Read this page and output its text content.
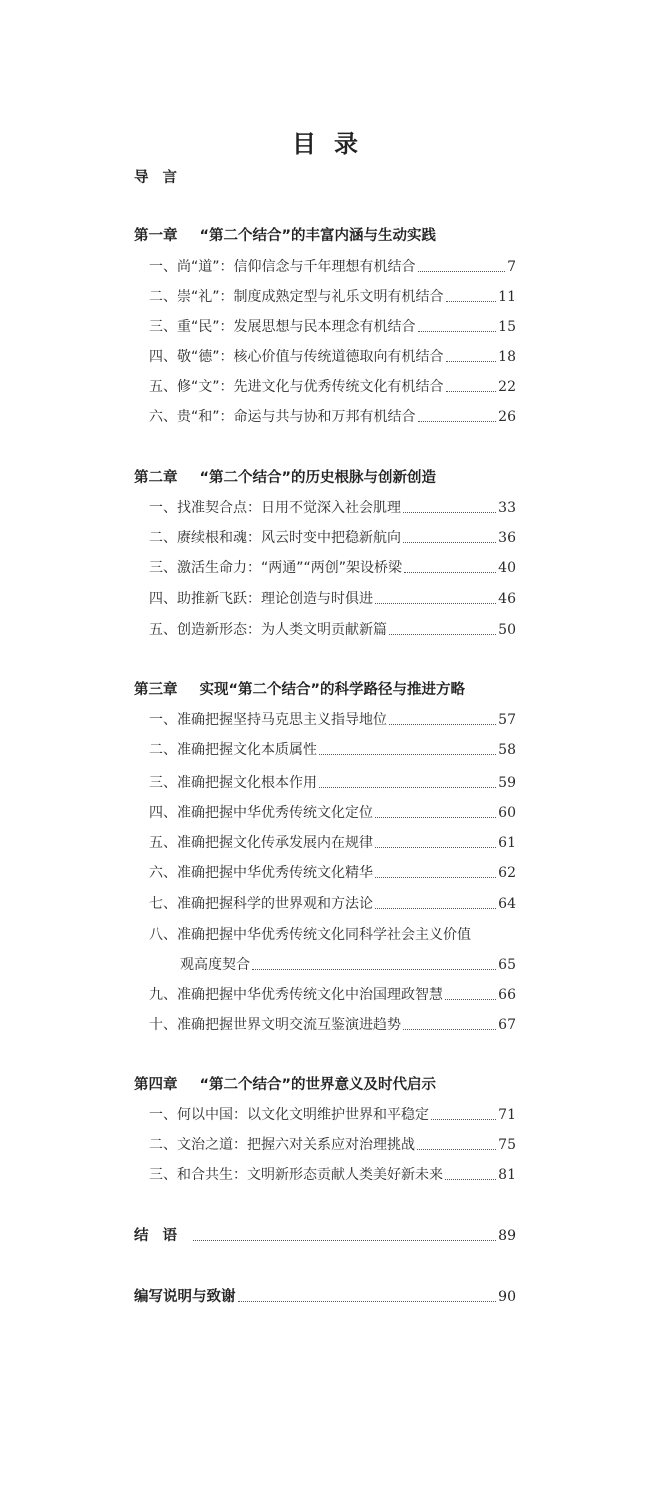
目录
导言
第一章 “第二个结合”的丰富内涵与生动实践
一、尚“道”：信仰信念与千年理想有机结合	7
二、崇“礼”：制度成熟定型与礼乐文明有机结合	11
三、重“民”：发展思想与民本理念有机结合	15
四、敬“德”：核心价值与传统道德取向有机结合	18
五、修“文”：先进文化与优秀传统文化有机结合	22
六、贵“和”：命运与共与协和万邦有机结合	26
第二章 “第二个结合”的历史根脉与创新创造
一、找准契合点：日用不觉深入社会肌理	33
二、赓续根和魂：风云时变中把稳新航向	36
三、激活生命力：“两通”“两创”架设桥梁	40
四、助推新飞跃：理论创造与时俱进	46
五、创造新形态：为人类文明贡献新篇	50
第三章 实现“第二个结合”的科学路径与推进方略
一、准确把握坚持马克思主义指导地位	57
二、准确把握文化本质属性	58
三、准确把握文化根本作用	59
四、准确把握中华优秀传统文化定位	60
五、准确把握文化传承发展内在规律	61
六、准确把握中华优秀传统文化精华	62
七、准确把握科学的世界观和方法论	64
八、准确把握中华优秀传统文化同科学社会主义价值
观高度契合	65
九、准确把握中华优秀传统文化中治国理政智慧	66
十、准确把握世界文明交流互鉴演进趋势	67
第四章 “第二个结合”的世界意义及时代启示
一、何以中国：以文化文明维护世界和平稳定	71
二、文治之道：把握六对关系应对治理挑战	75
三、和合共生：文明新形态贡献人类美好新未来	81
结语	89
编写说明与致谢	90
